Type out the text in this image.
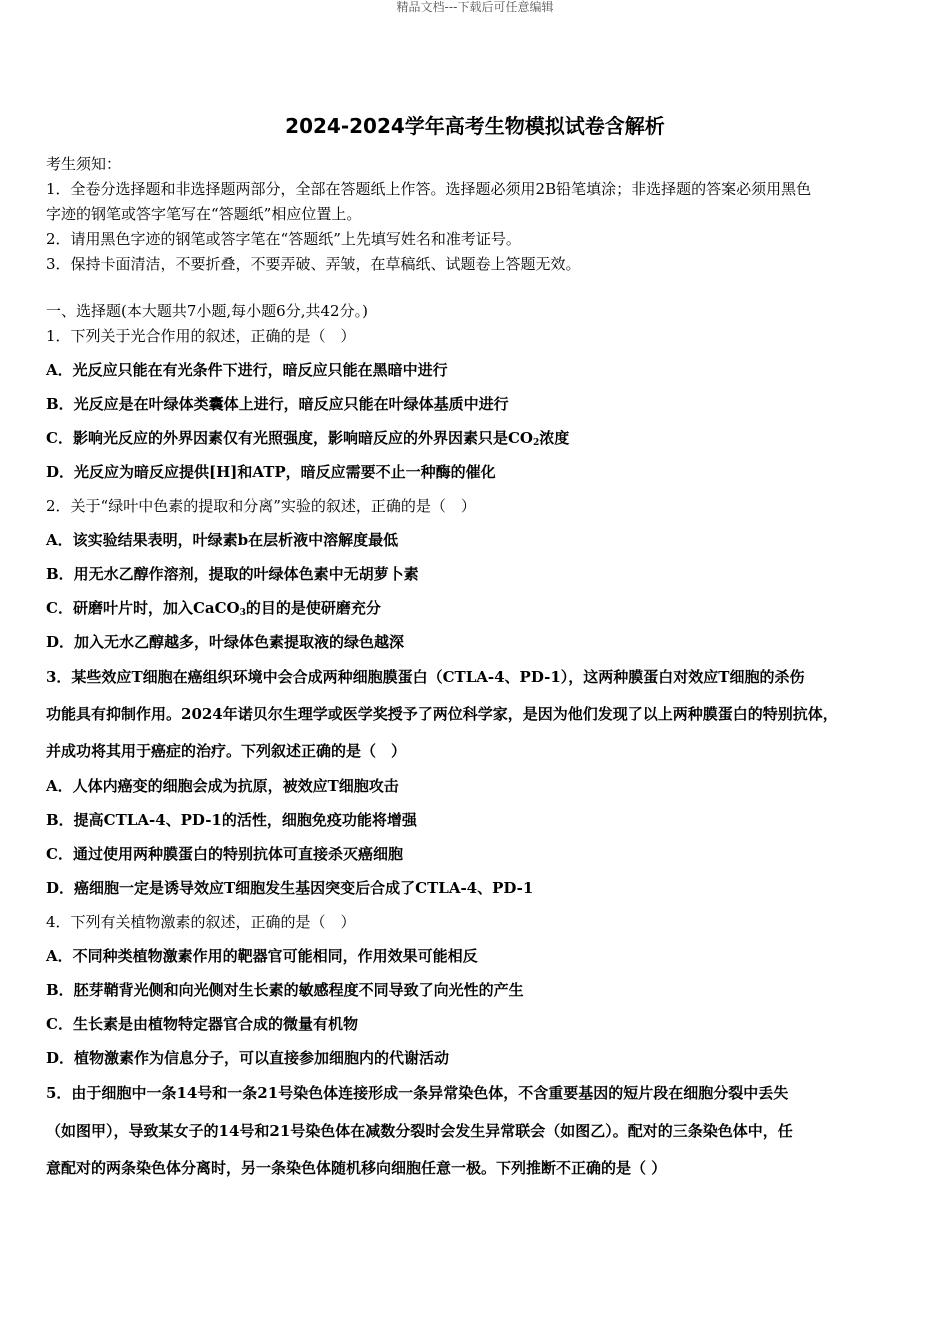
精品文档---下载后可任意编辑
2024-2024学年高考生物模拟试卷含解析
考生须知：
1．全卷分选择题和非选择题两部分，全部在答题纸上作答。选择题必须用2B铅笔填涂；非选择题的答案必须用黑色
字迹的钢笔或答字笔写在“答题纸”相应位置上。
2．请用黑色字迹的钢笔或答字笔在“答题纸”上先填写姓名和准考证号。
3．保持卡面清洁，不要折叠，不要弄破、弄皱，在草稿纸、试题卷上答题无效。
一、选择题(本大题共7小题,每小题6分,共42分。)
1．下列关于光合作用的叙述，正确的是（　）
A．光反应只能在有光条件下进行，暗反应只能在黑暗中进行
B．光反应是在叶绿体类囊体上进行，暗反应只能在叶绿体基质中进行
C．影响光反应的外界因素仅有光照强度，影响暗反应的外界因素只是$CO_2$浓度
D．光反应为暗反应提供[H]和ATP，暗反应需要不止一种酶的催化
2．关于“绿叶中色素的提取和分离”实验的叙述，正确的是（　）
A．该实验结果表明，叶绿素b在层析液中溶解度最低
B．用无水乙醇作溶剂，提取的叶绿体色素中无胡萝卜素
C．研磨叶片时，加入CaCO$_3$的目的是使研磨充分
D．加入无水乙醇越多，叶绿体色素提取液的绿色越深
3．某些效应T细胞在癌组织环境中会合成两种细胞膜蛋白（CTLA-4、PD-1），这两种膜蛋白对效应T细胞的杀伤
功能具有抑制作用。2024年诺贝尔生理学或医学奖授予了两位科学家，是因为他们发现了以上两种膜蛋白的特别抗体，
并成功将其用于癌症的治疗。下列叙述正确的是（　）
A．人体内癌变的细胞会成为抗原，被效应T细胞攻击
B．提高CTLA-4、PD-1的活性，细胞免疫功能将增强
C．通过使用两种膜蛋白的特别抗体可直接杀灭癌细胞
D．癌细胞一定是诱导效应T细胞发生基因突变后合成了CTLA-4、PD-1
4．下列有关植物激素的叙述，正确的是（　）
A．不同种类植物激素作用的靶器官可能相同，作用效果可能相反
B．胚芽鞘背光侧和向光侧对生长素的敏感程度不同导致了向光性的产生
C．生长素是由植物特定器官合成的微量有机物
D．植物激素作为信息分子，可以直接参加细胞内的代谢活动
5．由于细胞中一条14号和一条21号染色体连接形成一条异常染色体，不含重要基因的短片段在细胞分裂中丢失
（如图甲），导致某女子的14号和21号染色体在减数分裂时会发生异常联会（如图乙）。配对的三条染色体中，任
意配对的两条染色体分离时，另一条染色体随机移向细胞任意一极。下列推断不正确的是（ ）
